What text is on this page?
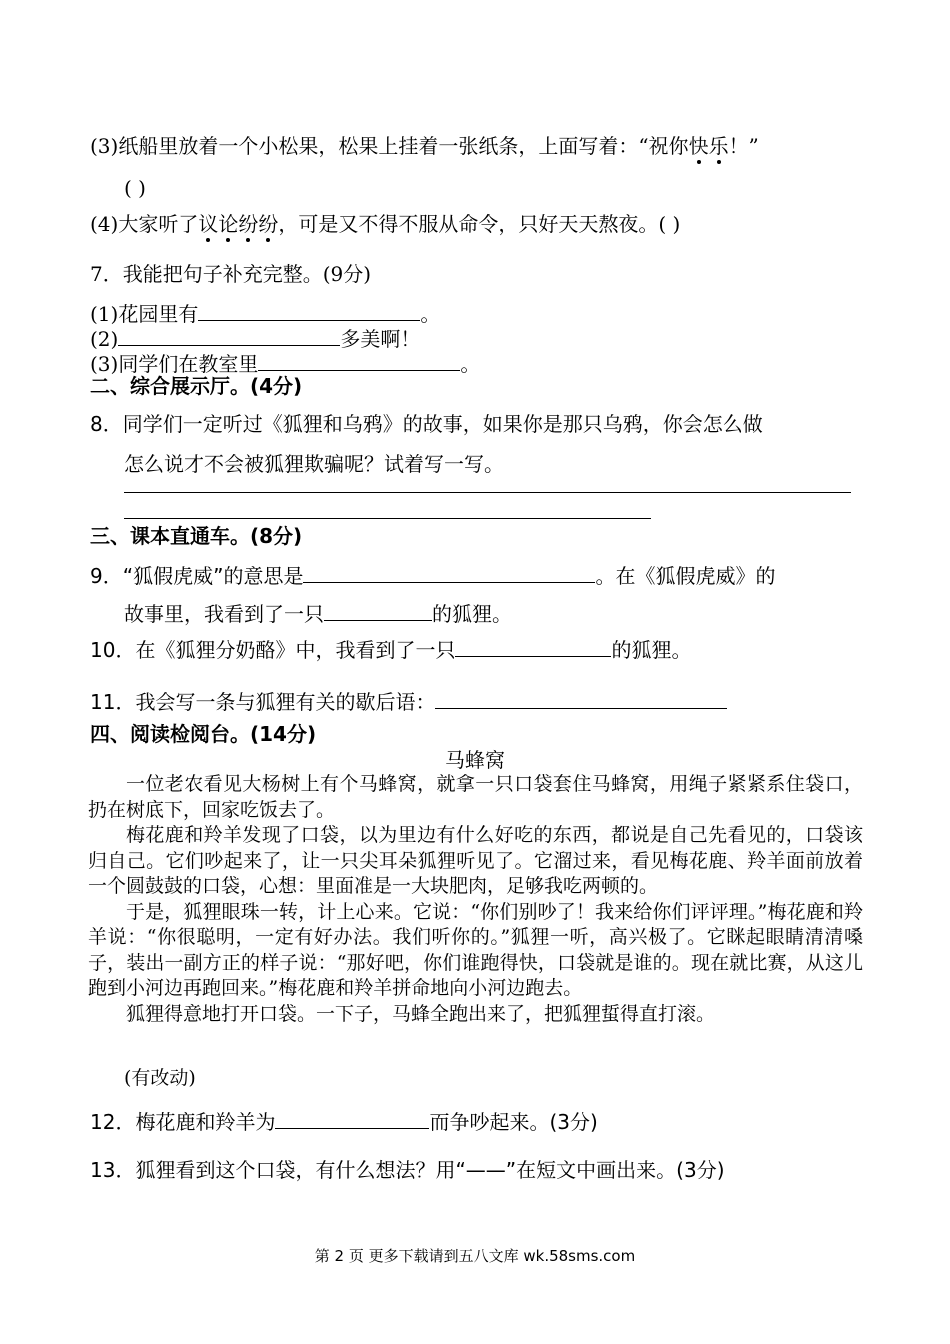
(3)纸船里放着一个小松果，松果上挂着一张纸条，上面写着：“祝你快乐！”
( )
(4)大家听了议论纷纷，可是又不得不服从命令，只好天天熬夜。( )
7．我能把句子补充完整。(9分)
(1)花园里有	。
(2)	多美啊！
(3)同学们在教室里	。
二、综合展示厅。(4分)
8．同学们一定听过《狐狸和乌鸦》的故事，如果你是那只乌鸦，你会怎么做
怎么说才不会被狐狸欺骗呢？试着写一写。
三、课本直通车。(8分)
9．“狐假虎威”的意思是	。在《狐假虎威》的
故事里，我看到了一只	的狐狸。
10．在《狐狸分奶酪》中，我看到了一只	的狐狸。
11．我会写一条与狐狸有关的歇后语：
四、阅读检阅台。(14分)
马蜂窝

一位老农看见大杨树上有个马蜂窝，就拿一只口袋套住马蜂窝，用绳子紧紧系住袋口，扔在树底下，回家吃饭去了。

梅花鹿和羚羊发现了口袋，以为里边有什么好吃的东西，都说是自己先看见的，口袋该归自己。它们吵起来了，让一只尖耳朵狐狸听见了。它溜过来，看见梅花鹿、羚羊面前放着一个圆鼓鼓的口袋，心想：里面准是一大块肥肉，足够我吃两顿的。

于是，狐狸眼珠一转，计上心来。它说：“你们别吵了！我来给你们评评理。”梅花鹿和羚羊说：“你很聪明，一定有好办法。我们听你的。”狐狸一听，高兴极了。它眯起眼睛清清嗓子，装出一副方正的样子说：“那好吧，你们谁跑得快，口袋就是谁的。现在就比赛，从这儿跑到小河边再跑回来。”梅花鹿和羚羊拼命地向小河边跑去。

狐狸得意地打开口袋。一下子，马蜂全跑出来了，把狐狸蜇得直打滚。

(有改动)
12．梅花鹿和羚羊为	而争吵起来。(3分)
13．狐狸看到这个口袋，有什么想法？用“——”在短文中画出来。(3分)
第 2 页 更多下载请到五八文库 wk.58sms.com
